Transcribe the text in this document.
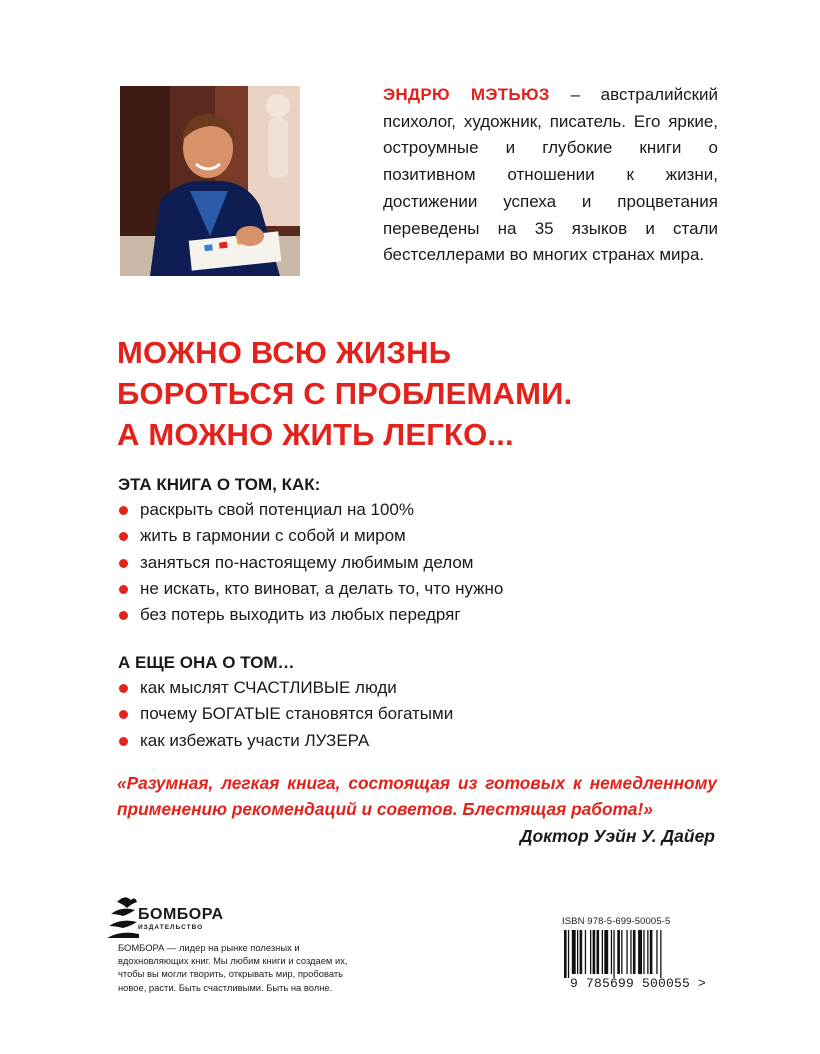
ЭНДРЮ МЭТЬЮЗ – австралийский психолог, художник, писатель. Его яркие, остроумные и глубокие книги о позитивном отношении к жизни, достижении успеха и процветания переведены на 35 языков и стали бестселлерами во многих странах мира.
МОЖНО ВСЮ ЖИЗНЬ
БОРОТЬСЯ С ПРОБЛЕМАМИ.
А МОЖНО ЖИТЬ ЛЕГКО...
ЭТА КНИГА О ТОМ, КАК:
раскрыть свой потенциал на 100%
жить в гармонии с собой и миром
заняться по-настоящему любимым делом
не искать, кто виноват, а делать то, что нужно
без потерь выходить из любых передряг
А ЕЩЕ ОНА О ТОМ…
как мыслят СЧАСТЛИВЫЕ люди
почему БОГАТЫЕ становятся богатыми
как избежать участи ЛУЗЕРА
«Разумная, легкая книга, состоящая из готовых к немедленному применению рекомендаций и советов. Блестящая работа!»
Доктор Уэйн У. Дайер
БОМБОРА
ИЗДАТЕЛЬСТВО
БОМБОРА — лидер на рынке полезных и вдохновляющих книг. Мы любим книги и создаем их, чтобы вы могли творить, открывать мир, пробовать новое, расти. Быть счастливыми. Быть на волне.
ISBN 978-5-699-50005-5
9 785699 500055 >
